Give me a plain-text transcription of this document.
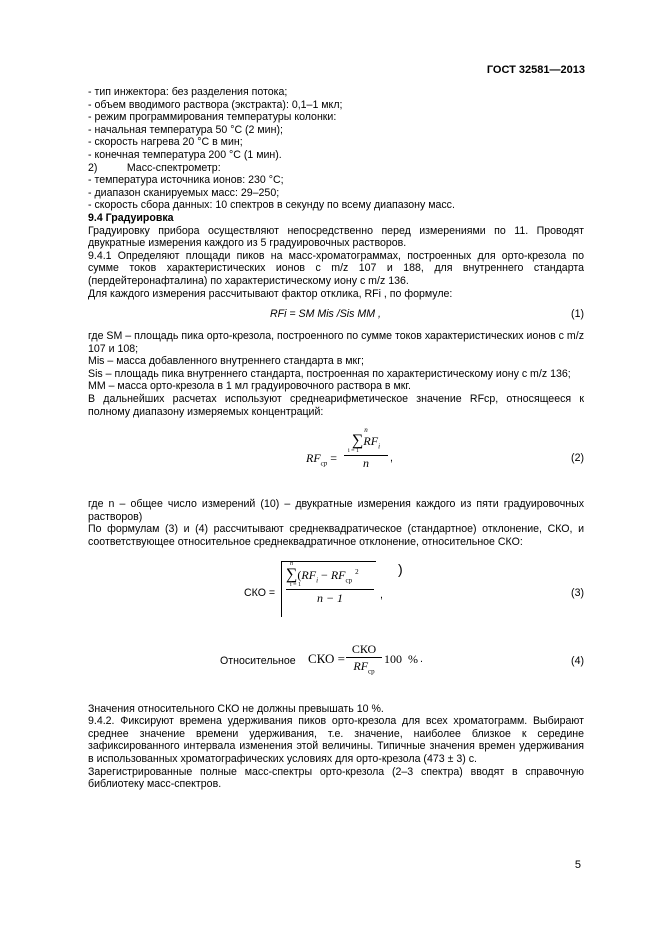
ГОСТ 32581—2013

- тип инжектора: без разделения потока;

- объем вводимого раствора (экстракта): 0,1–1 мкл;

- режим программирования температуры колонки:

- начальная температура 50 °С (2 мин);

- скорость нагрева 20 °С в мин;

- конечная температура 200 °С (1 мин).

2)          Масс-спектрометр:

- температура источника ионов: 230 °С;

- диапазон сканируемых масс: 29–250;

- скорость сбора данных: 10 спектров в секунду по всему диапазону масс.

9.4 Градуировка

Градуировку прибора осуществляют непосредственно перед измерениями по 11. Проводят двукратные измерения каждого из 5 градуировочных растворов.

9.4.1 Определяют площади пиков на масс-хроматограммах, построенных для орто-крезола по сумме токов характеристических ионов с m/z 107 и 188, для внутреннего стандарта (пердейтеронафталина) по характеристическому иону с m/z 136.

Для каждого измерения рассчитывают фактор отклика, RFi , по формуле:

RFi = SМ Мis /Sis ММ ,	(1)

где SМ – площадь пика орто-крезола, построенного по сумме токов характеристических ионов с m/z 107 и 108;

Мis – масса добавленного внутреннего стандарта в мкг;

Sis – площадь пика внутреннего стандарта, построенная по характеристическому иону с m/z 136;

ММ – масса орто-крезола в 1 мл градуировочного раствора в мкг.

В дальнейших расчетах используют среднеарифметическое значение RFср, относящееся к полному диапазону измеряемых концентраций:

$RF_{ср}$ =
n
$\sum RF_i$
i = 1
n	,	(2)

где n – общее число измерений (10) – двукратные измерения каждого из пяти градуировочных растворов)

По формулам (3) и (4) рассчитывают среднеквадратическое (стандартное) отклонение, СКО, и соответствующее относительное среднеквадратичное отклонение, относительное СКО:

СКО =
n
$\sum(RF_i - RF_{ср}$ $^2$
i = 1
n − 1
)
,	(3)
Относительное СКО =
СКО
$RF_{ср}$
100  % .	(4)

Значения относительного СКО не должны превышать 10 %.

9.4.2. Фиксируют времена удерживания пиков орто-крезола для всех хроматограмм. Выбирают среднее значение времени удерживания, т.е. значение, наиболее близкое к середине зафиксированного интервала изменения этой величины. Типичные значения времен удерживания в использованных хроматографических условиях для орто-крезола (473 ± 3) с.

Зарегистрированные полные масс-спектры орто-крезола (2–3 спектра) вводят в справочную библиотеку масс-спектров.

5
